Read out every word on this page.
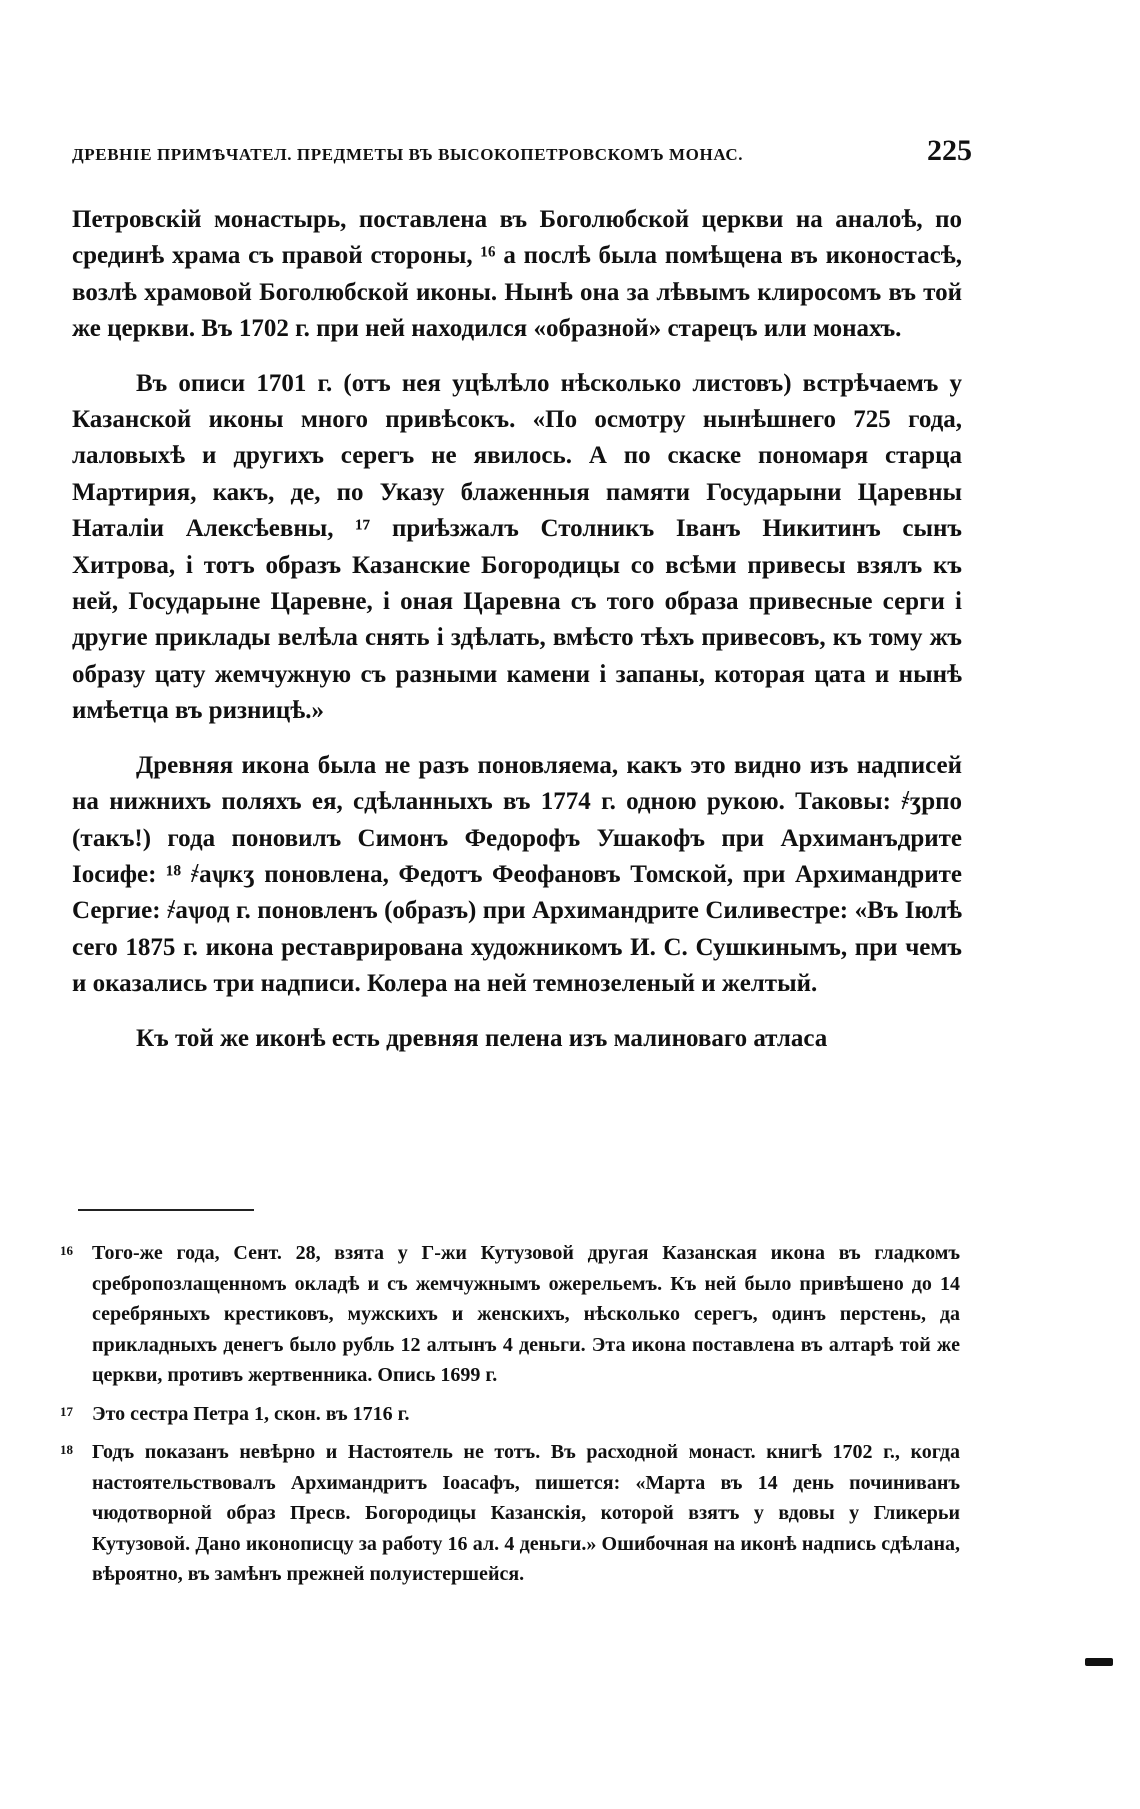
ДРЕВНІЕ ПРИМѢЧАТЕЛ. ПРЕДМЕТЫ ВЪ ВЫСОКОПЕТРОВСКОМЪ МОНАС.	225

Петровскій монастырь, поставлена въ Боголюбской церкви на аналоѣ, по срединѣ храма съ правой стороны, ¹⁶ а послѣ была помѣщена въ иконостасѣ, возлѣ храмовой Боголюбской иконы. Нынѣ она за лѣвымъ клиросомъ въ той же церкви. Въ 1702 г. при ней находился «образной» старецъ или монахъ.

Въ описи 1701 г. (отъ нея уцѣлѣло нѣсколько листовъ) встрѣчаемъ у Казанской иконы много привѣсокъ. «По осмотру нынѣшнего 725 года, лаловыхѣ и другихъ серегъ не явилось. А по скаске пономаря старца Мартирия, какъ, де, по Указу блаженныя памяти Государыни Царевны Наталіи Алексѣевны, ¹⁷ приѣзжалъ Столникъ Іванъ Никитинъ сынъ Хитрова, і тотъ образъ Казанские Богородицы со всѣми привесы взялъ къ ней, Государыне Царевне, і оная Царевна съ того образа привесные серги і другие приклады велѣла снять і здѣлать, вмѣсто тѣхъ привесовъ, къ тому жъ образу цату жемчужную съ разными камени і запаны, которая цата и нынѣ имѣетца въ ризницѣ.»

Древняя икона была не разъ поновляема, какъ это видно изъ надписей на нижнихъ поляхъ ея, сдѣланныхъ въ 1774 г. одною рукою. Таковы: ҂ӡрпо (такъ!) года поновилъ Симонъ Федорофъ Ушакофъ при Архиманъдрите Іосифе: ¹⁸ ҂аѱкӡ поновлена, Федотъ Феофановъ Томской, при Архимандрите Сергие: ҂аѱод г. поновленъ (образъ) при Архимандрите Силивестре: «Въ Іюлѣ сего 1875 г. икона реставрирована художникомъ И. С. Сушкинымъ, при чемъ и оказались три надписи. Колера на ней темнозеленый и желтый.

Къ той же иконѣ есть древняя пелена изъ малиноваго атласа

16 Того-же года, Сент. 28, взята у Г-жи Кутузовой другая Казанская икона въ гладкомъ сребропозлащенномъ окладѣ и съ жемчужнымъ ожерельемъ. Къ ней было привѣшено до 14 серебряныхъ крестиковъ, мужскихъ и женскихъ, нѣсколько серегъ, одинъ перстень, да прикладныхъ денегъ было рубль 12 алтынъ 4 деньги. Эта икона поставлена въ алтарѣ той же церкви, противъ жертвенника. Опись 1699 г.
17 Это сестра Петра 1, скон. въ 1716 г.
18 Годъ показанъ невѣрно и Настоятель не тотъ. Въ расходной монаст. книгѣ 1702 г., когда настоятельствовалъ Архимандритъ Іоасафъ, пишется: «Марта въ 14 день починиванъ чюдотворной образ Пресв. Богородицы Казанскія, которой взятъ у вдовы у Гликерьи Кутузовой. Дано иконописцу за работу 16 ал. 4 деньги.» Ошибочная на иконѣ надпись сдѣлана, вѣроятно, въ замѣнъ прежней полуистершейся.
